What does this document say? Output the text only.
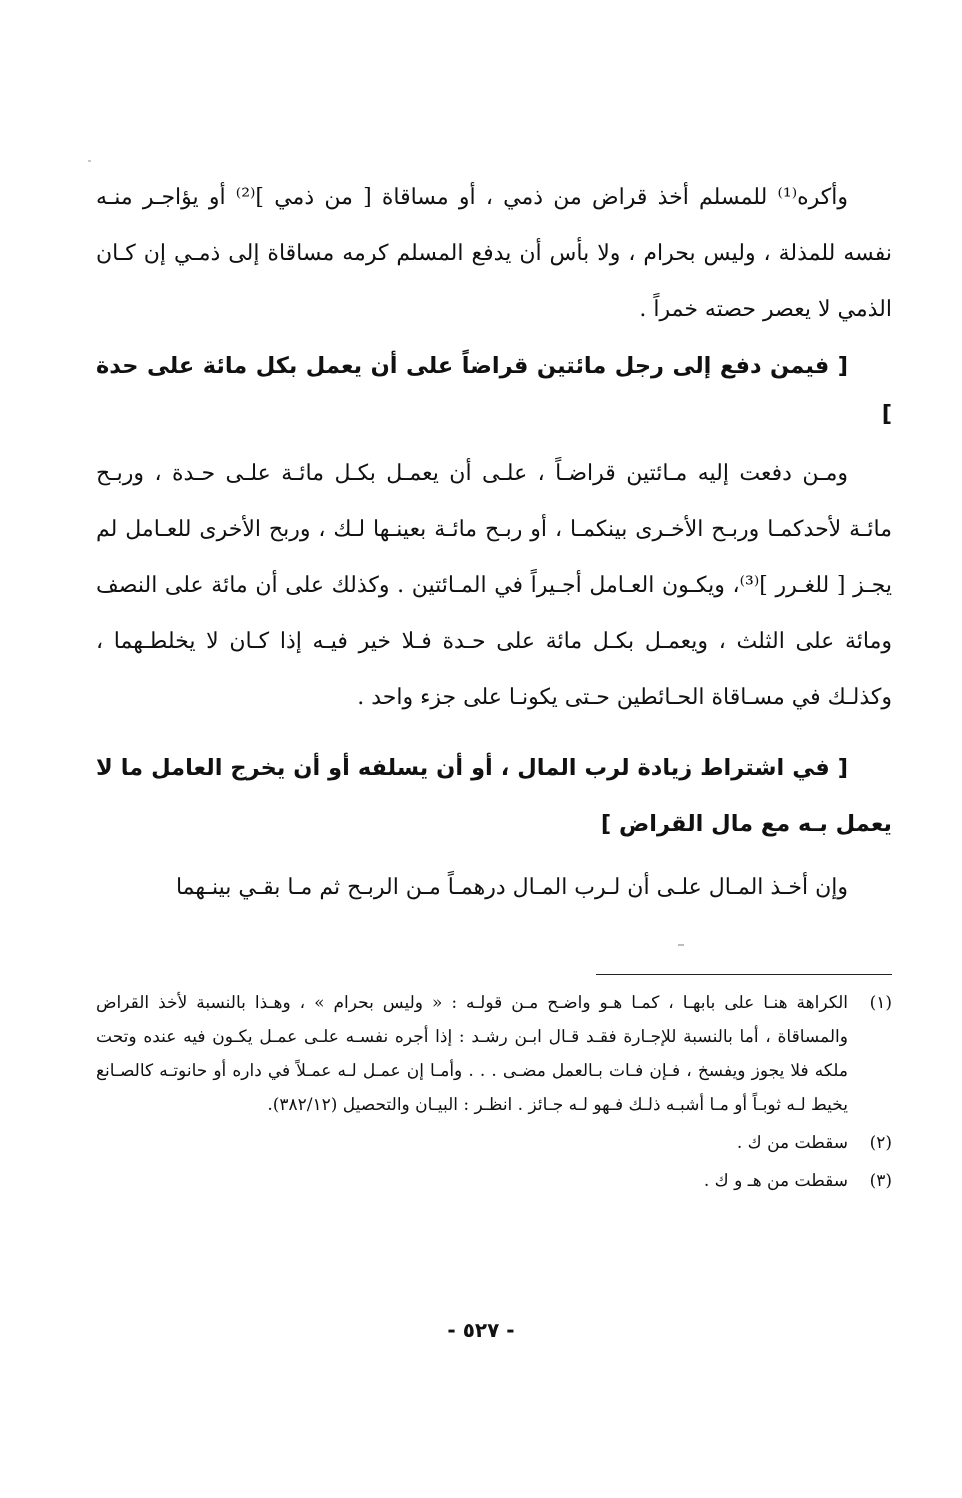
وأكره⁽¹⁾ للمسلم أخذ قراض من ذمي ، أو مساقاة [ من ذمي ]⁽²⁾ أو يؤاجـر منـه نفسه للمذلة ، وليس بحرام ، ولا بأس أن يدفع المسلم كرمه مساقاة إلى ذمـي إن كـان الذمي لا يعصر حصته خمراً .

[ فيمن دفع إلى رجل مائتين قراضاً على أن يعمل بكل مائة على حدة ]

ومـن دفعت إليه مـائتين قراضـاً ، علـى أن يعمـل بكـل مائـة علـى حـدة ، وربـح مائـة لأحدكمـا وربـح الأخـرى بينكمـا ، أو ربـح مائـة بعينـها لـك ، وربح الأخرى للعـامل لم يجـز [ للغـرر ]⁽³⁾، ويكـون العـامل أجـيراً في المـائتين . وكذلك على أن مائة على النصف ومائة على الثلث ، ويعمـل بكـل مائة على حـدة فـلا خير فيـه إذا كـان لا يخلطـهما ، وكذلـك في مسـاقاة الحـائطين حـتى يكونـا على جزء واحد .

[ في اشتراط زيادة لرب المال ، أو أن يسلفه أو أن يخرج العامل ما لا يعمل بـه مع مال القراض ]

وإن أخـذ المـال علـى أن لـرب المـال درهمـاً مـن الربـح ثم مـا بقـي بينـهما

(١)
الكراهة هنـا على بابهـا ، كمـا هـو واضـح مـن قولـه : « وليس بحرام » ، وهـذا بالنسبة لأخذ القراض والمساقاة ، أما بالنسبة للإجـارة فقـد قـال ابـن رشـد : إذا أجره نفسـه علـى عمـل يكـون فيه عنده وتحت ملكه فلا يجوز ويفسخ ، فـإن فـات بـالعمل مضـى . . . وأمـا إن عمـل لـه عمـلاً في داره أو حانوتـه كالصـانع يخيط لـه ثوبـاً أو مـا أشبـه ذلـك فـهو لـه جـائز . انظـر : البيـان والتحصيل (٣٨٢/١٢).
(٢)
سقطت من ك .
(٣)
سقطت من هـ و ك .
- ٥٢٧ -
